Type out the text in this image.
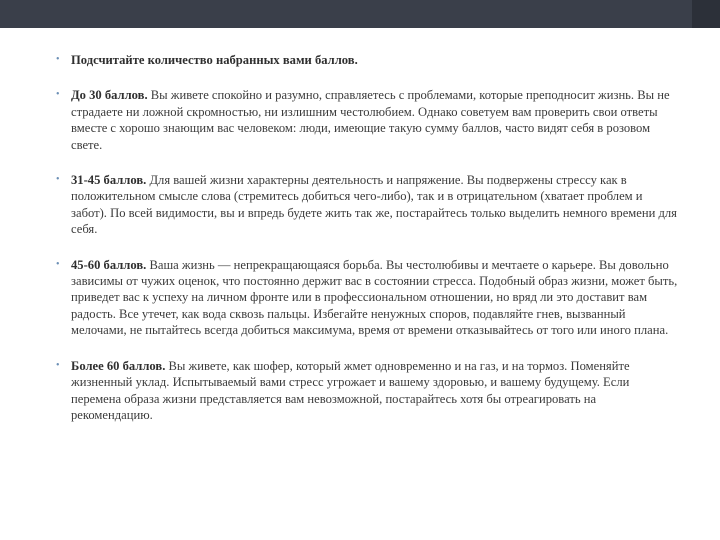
• Подсчитайте количество набранных вами баллов.
• До 30 баллов. Вы живете спокойно и разумно, справляетесь с проблемами, которые преподносит жизнь. Вы не страдаете ни ложной скромностью, ни излишним честолюбием. Однако советуем вам проверить свои ответы вместе с хорошо знающим вас человеком: люди, имеющие такую сумму баллов, часто видят себя в розовом свете.
• 31-45 баллов. Для вашей жизни характерны деятельность и напряжение. Вы подвержены стрессу как в положительном смысле слова (стремитесь добиться чего-либо), так и в отрицательном (хватает проблем и забот). По всей видимости, вы и впредь будете жить так же, постарайтесь только выделить немного времени для себя.
• 45-60 баллов. Ваша жизнь — непрекращающаяся борьба. Вы честолюбивы и мечтаете о карьере. Вы довольно зависимы от чужих оценок, что постоянно держит вас в состоянии стресса. Подобный образ жизни, может быть, приведет вас к успеху на личном фронте или в профессиональном отношении, но вряд ли это доставит вам радость. Все утечет, как вода сквозь пальцы. Избегайте ненужных споров, подавляйте гнев, вызванный мелочами, не пытайтесь всегда добиться максимума, время от времени отказывайтесь от того или иного плана.
• Более 60 баллов. Вы живете, как шофер, который жмет одновременно и на газ, и на тормоз. Поменяйте жизненный уклад. Испытываемый вами стресс угрожает и вашему здоровью, и вашему будущему. Если перемена образа жизни представляется вам невозможной, постарайтесь хотя бы отреагировать на рекомендацию.
